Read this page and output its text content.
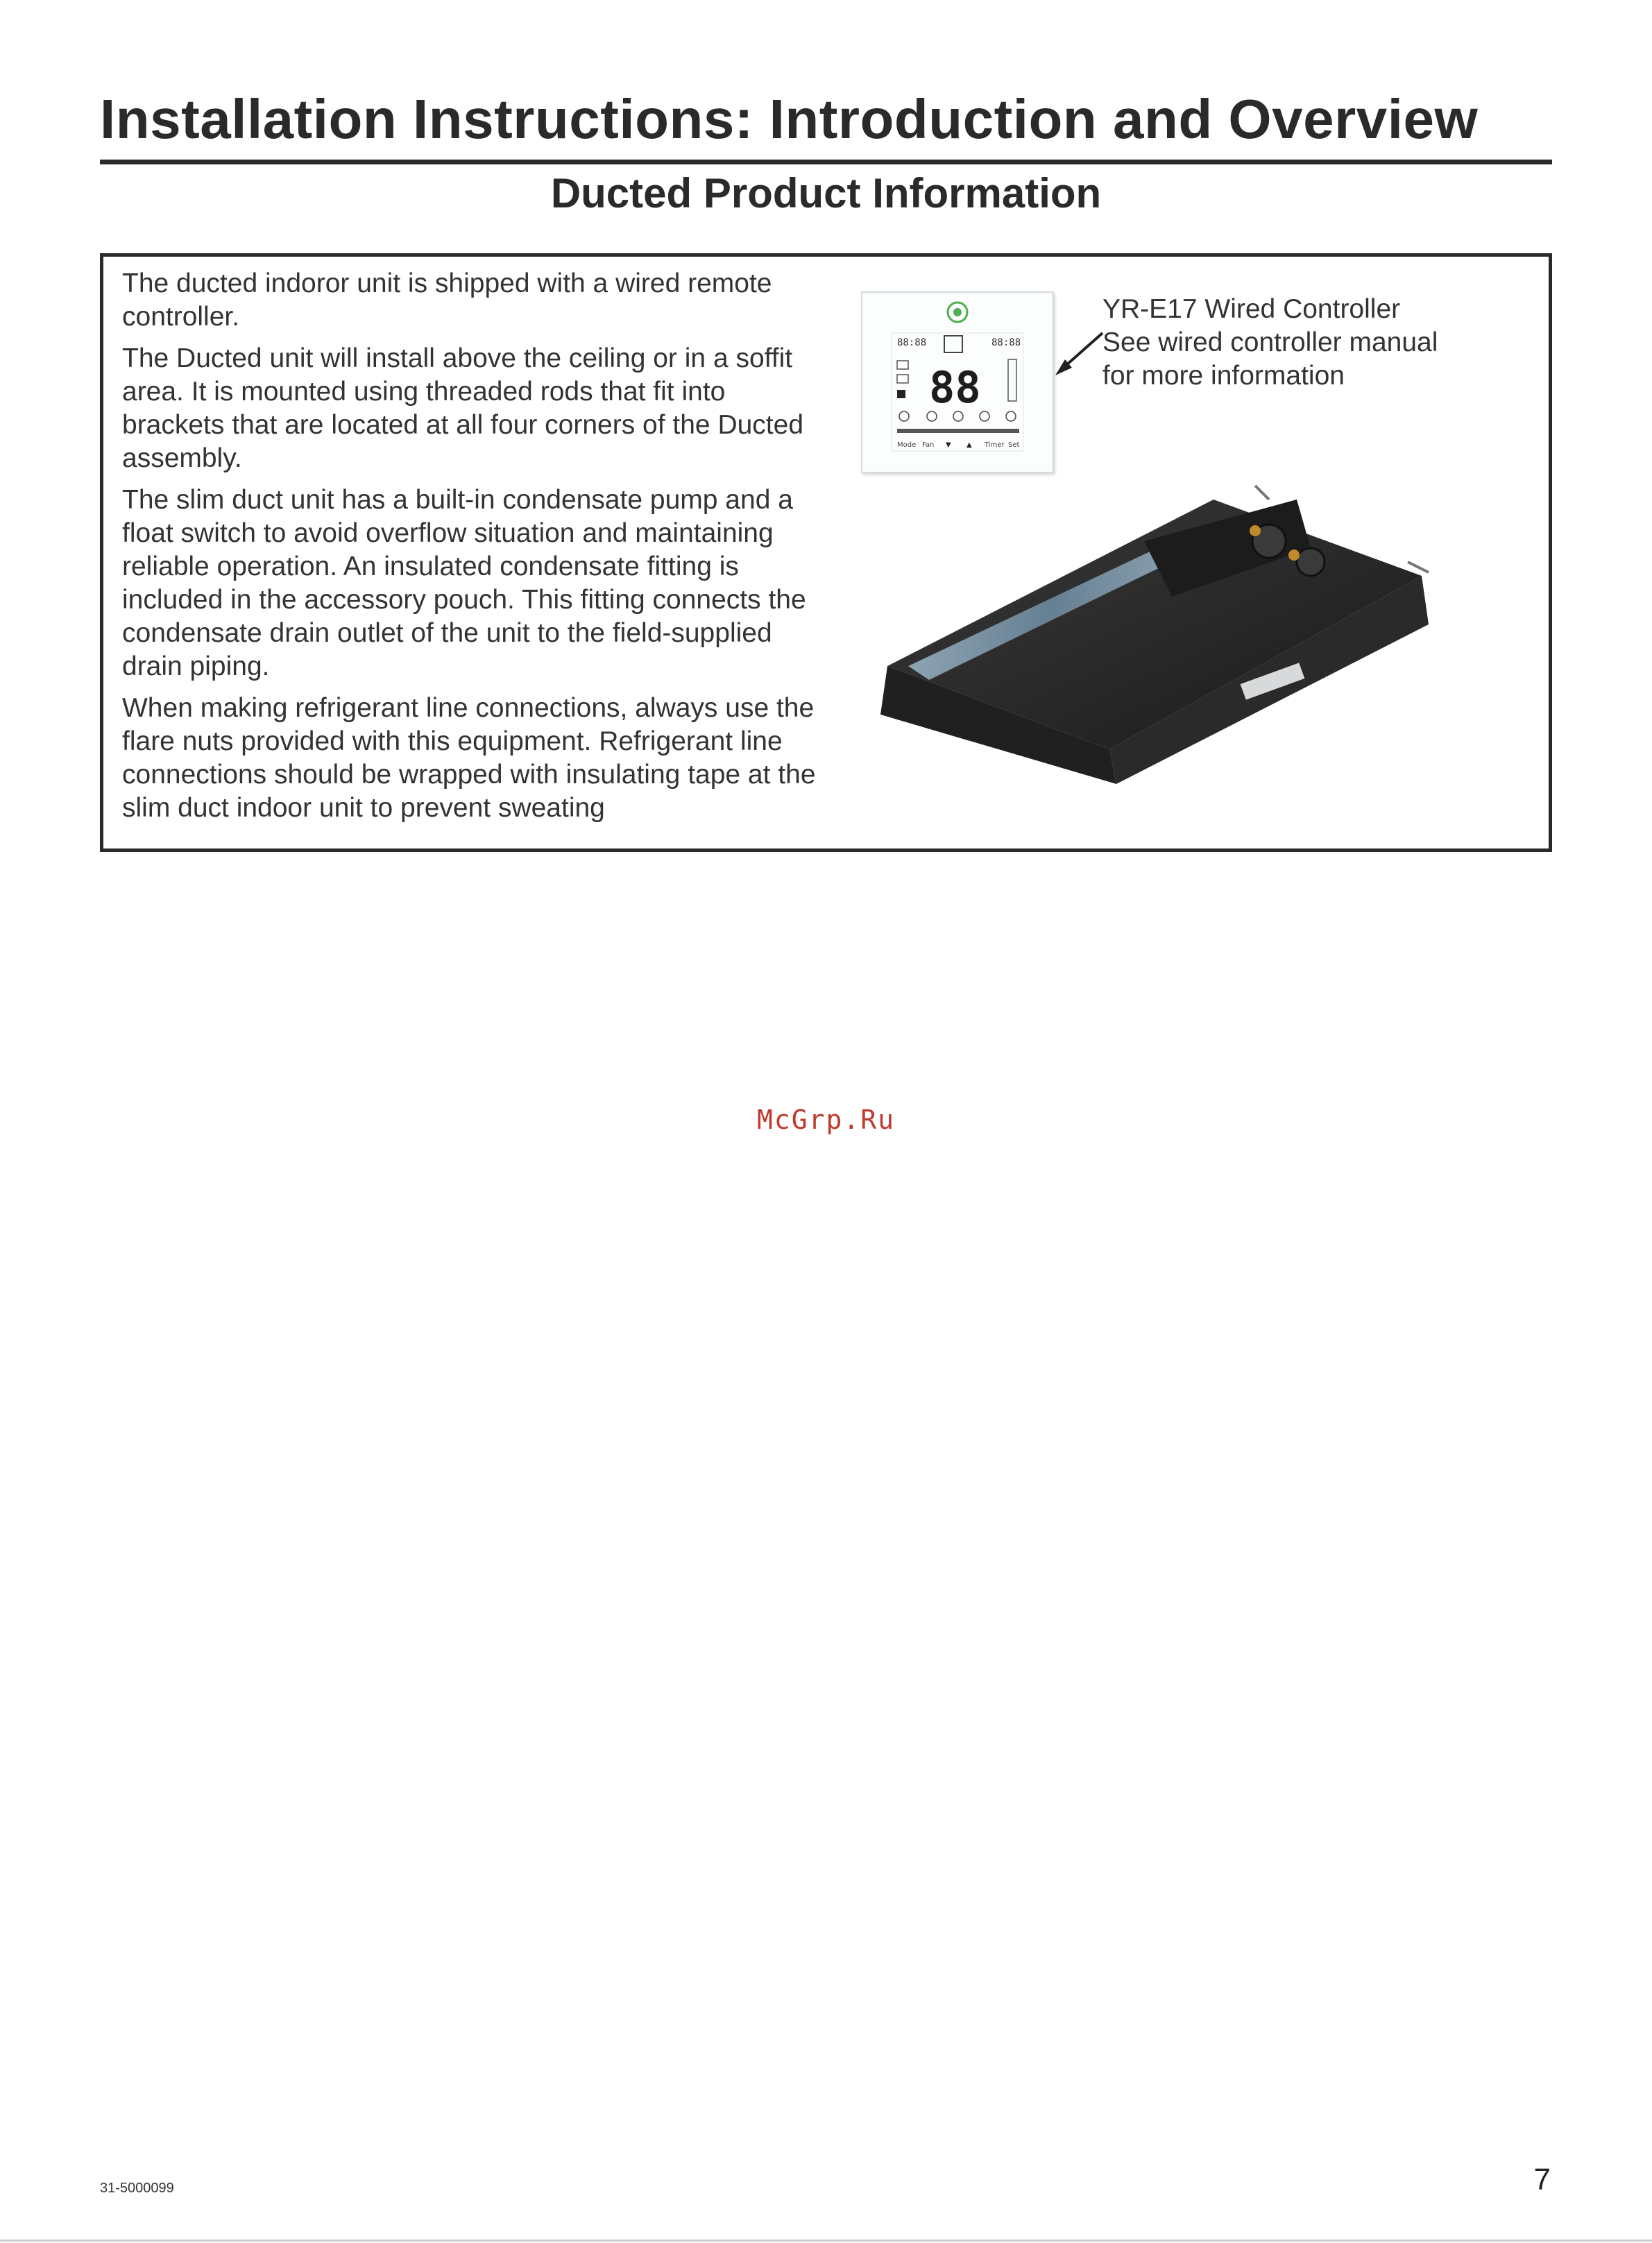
Installation Instructions: Introduction and Overview
Ducted Product Information

The ducted indoror unit is shipped with a wired remote controller.

The Ducted unit will install above the ceiling or in a soffit area. It is mounted using threaded rods that fit into brackets that are located at all four corners of the Ducted assembly.

The slim duct unit has a built-in condensate pump and a float switch to avoid overflow situation and maintaining reliable operation. An insulated condensate fitting is included in the accessory pouch. This fitting connects the condensate drain outlet of the unit to the field-supplied drain piping.

When making refrigerant line connections, always use the flare nuts provided with this equipment. Refrigerant line connections should be wrapped with insulating tape at the slim duct indoor unit to prevent sweating

88:88	88:88
88
Mode Fan ▼ ▲ Timer Set
YR-E17 Wired Controller
See wired controller manual
for more information
McGrp.Ru
31-5000099	7
